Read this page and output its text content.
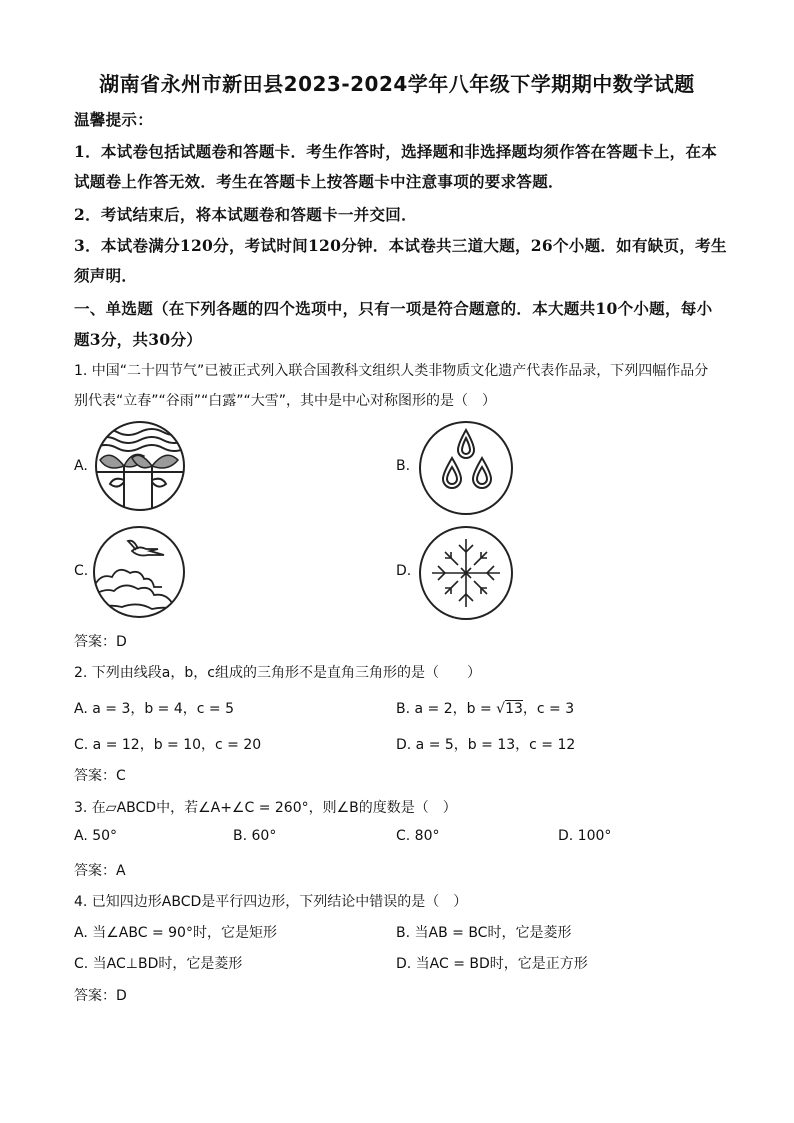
湖南省永州市新田县2023-2024学年八年级下学期期中数学试题
温馨提示：
1．本试卷包括试题卷和答题卡．考生作答时，选择题和非选择题均须作答在答题卡上，在本
试题卷上作答无效．考生在答题卡上按答题卡中注意事项的要求答题．
2．考试结束后，将本试题卷和答题卡一并交回．
3．本试卷满分120分，考试时间120分钟．本试卷共三道大题，26个小题．如有缺页，考生
须声明．
一、单选题（在下列各题的四个选项中，只有一项是符合题意的．本大题共10个小题，每小
题3分，共30分）
1. 中国“二十四节气”已被正式列入联合国教科文组织人类非物质文化遗产代表作品录，下列四幅作品分
别代表“立春”“谷雨”“白露”“大雪”，其中是中心对称图形的是（　）
A.	B.
C.	D.
答案：D
2. 下列由线段a，b，c组成的三角形不是直角三角形的是（　　）
A. a = 3，b = 4，c = 5	B. a = 2，b = √13，c = 3
C. a = 12，b = 10，c = 20	D. a = 5，b = 13，c = 12
答案：C
3. 在▱ABCD中，若∠A+∠C = 260°，则∠B的度数是（　）
A. 50°	B. 60°	C. 80°	D. 100°
答案：A
4. 已知四边形ABCD是平行四边形，下列结论中错误的是（　）
A. 当∠ABC = 90°时，它是矩形	B. 当AB = BC时，它是菱形
C. 当AC⊥BD时，它是菱形	D. 当AC = BD时，它是正方形
答案：D
